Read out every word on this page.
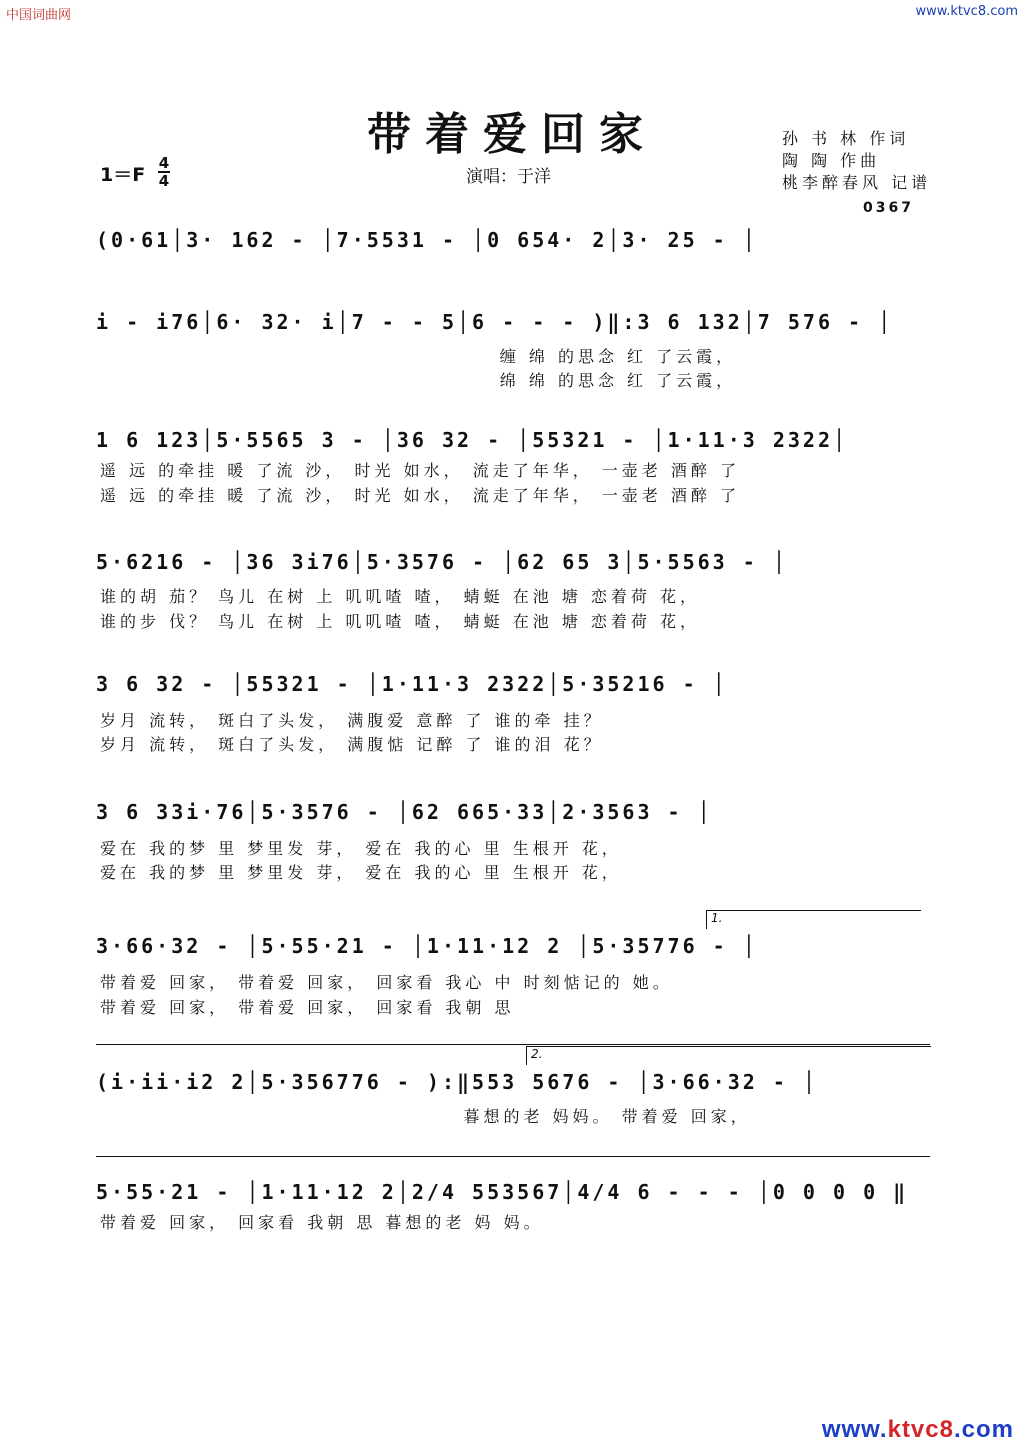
中国词曲网	www.ktvc8.com
带着爱回家
1＝F
4
4	演唱：于洋
孙 书 林 作词
陶 陶 作曲
桃李醉春风 记谱
0367
(0·61│3· 162 - │7·5531 - │0 654· 2│3· 25 - │
i - i76│6· 32· i│7 - - 5│6 - - - )‖:3 6 132│7 576 - │
缠 绵 的思念 红 了云霞，
绵 绵 的思念 红 了云霞，
1 6 123│5·5565 3 - │36 32 - │55321 - │1·11·3 2322│
遥 远 的牵挂 暖 了流 沙， 时光 如水， 流走了年华， 一壶老 酒醉 了
遥 远 的牵挂 暖 了流 沙， 时光 如水， 流走了年华， 一壶老 酒醉 了
5·6216 - │36 3i76│5·3576 - │62 65 3│5·5563 - │
谁的胡 茄？ 鸟儿 在树 上 叽叽喳 喳， 蜻蜓 在池 塘 恋着荷 花，
谁的步 伐？ 鸟儿 在树 上 叽叽喳 喳， 蜻蜓 在池 塘 恋着荷 花，
3 6 32 - │55321 - │1·11·3 2322│5·35216 - │
岁月 流转， 斑白了头发， 满腹爱 意醉 了 谁的牵 挂？
岁月 流转， 斑白了头发， 满腹惦 记醉 了 谁的泪 花？
3 6 33i·76│5·3576 - │62 665·33│2·3563 - │
爱在 我的梦 里 梦里发 芽， 爱在 我的心 里 生根开 花，
爱在 我的梦 里 梦里发 芽， 爱在 我的心 里 生根开 花，
1.
3·66·32 - │5·55·21 - │1·11·12 2 │5·35776 - │
带着爱 回家， 带着爱 回家， 回家看 我心 中 时刻惦记的 她。
带着爱 回家， 带着爱 回家， 回家看 我朝 思
2.
(i·ii·i2 2│5·356776 - ):‖553 5676 - │3·66·32 - │
暮想的老 妈妈。 带着爱 回家，
5·55·21 - │1·11·12 2│2/4 553567│4/4 6 - - - │0 0 0 0 ‖
带着爱 回家， 回家看 我朝 思 暮想的老 妈 妈。
www.ktvc8.com
